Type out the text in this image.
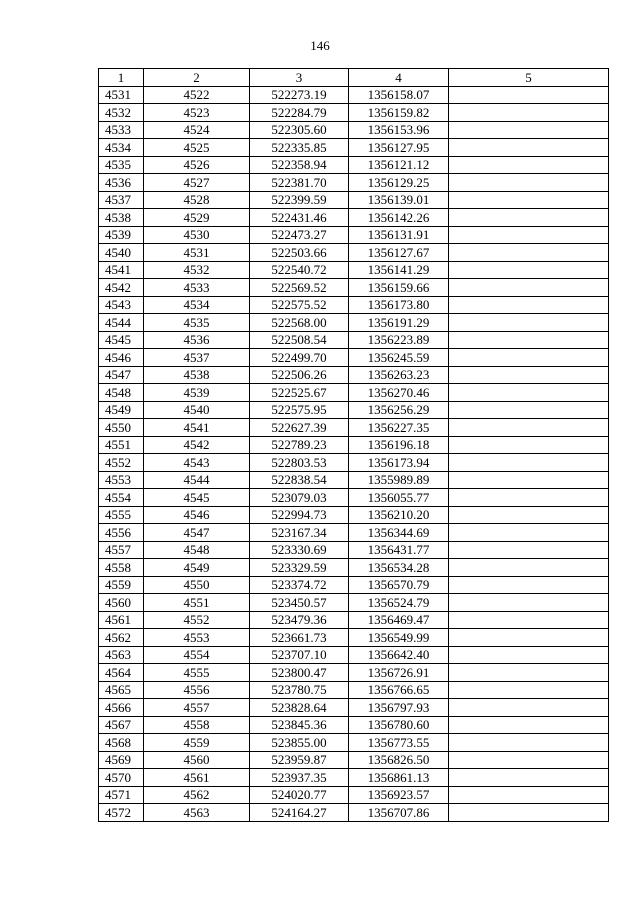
146
1	2	3	4	5
4531	4522	522273.19	1356158.07	
4532	4523	522284.79	1356159.82	
4533	4524	522305.60	1356153.96	
4534	4525	522335.85	1356127.95	
4535	4526	522358.94	1356121.12	
4536	4527	522381.70	1356129.25	
4537	4528	522399.59	1356139.01	
4538	4529	522431.46	1356142.26	
4539	4530	522473.27	1356131.91	
4540	4531	522503.66	1356127.67	
4541	4532	522540.72	1356141.29	
4542	4533	522569.52	1356159.66	
4543	4534	522575.52	1356173.80	
4544	4535	522568.00	1356191.29	
4545	4536	522508.54	1356223.89	
4546	4537	522499.70	1356245.59	
4547	4538	522506.26	1356263.23	
4548	4539	522525.67	1356270.46	
4549	4540	522575.95	1356256.29	
4550	4541	522627.39	1356227.35	
4551	4542	522789.23	1356196.18	
4552	4543	522803.53	1356173.94	
4553	4544	522838.54	1355989.89	
4554	4545	523079.03	1356055.77	
4555	4546	522994.73	1356210.20	
4556	4547	523167.34	1356344.69	
4557	4548	523330.69	1356431.77	
4558	4549	523329.59	1356534.28	
4559	4550	523374.72	1356570.79	
4560	4551	523450.57	1356524.79	
4561	4552	523479.36	1356469.47	
4562	4553	523661.73	1356549.99	
4563	4554	523707.10	1356642.40	
4564	4555	523800.47	1356726.91	
4565	4556	523780.75	1356766.65	
4566	4557	523828.64	1356797.93	
4567	4558	523845.36	1356780.60	
4568	4559	523855.00	1356773.55	
4569	4560	523959.87	1356826.50	
4570	4561	523937.35	1356861.13	
4571	4562	524020.77	1356923.57	
4572	4563	524164.27	1356707.86	
